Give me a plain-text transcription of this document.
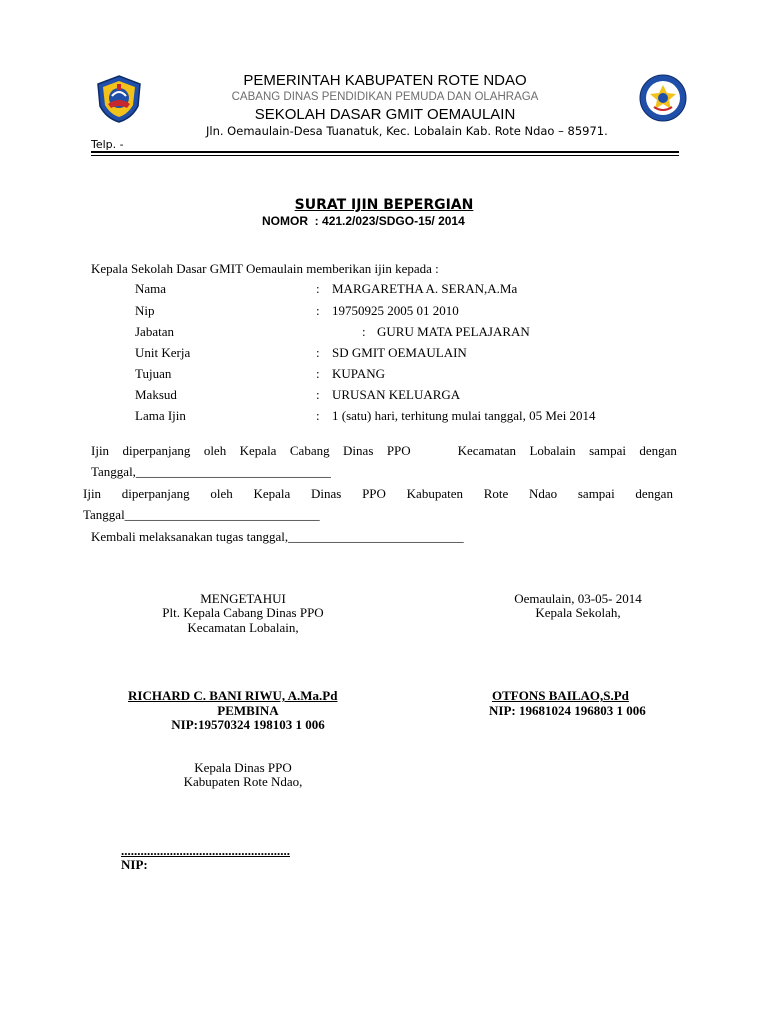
PEMERINTAH KABUPATEN ROTE NDAO
CABANG DINAS PENDIDIKAN PEMUDA DAN OLAHRAGA
SEKOLAH DASAR GMIT OEMAULAIN
Jln. Oemaulain-Desa Tuanatuk, Kec. Lobalain Kab. Rote Ndao – 85971.
Telp. -
SURAT IJIN BEPERGIAN
NOMOR : 421.2/023/SDGO-15/ 2014
Kepala Sekolah Dasar GMIT Oemaulain memberikan ijin kepada :
Nama	: MARGARETHA A. SERAN,A.Ma
Nip	: 19750925 2005 01 2010
Jabatan	: GURU MATA PELAJARAN
Unit Kerja	: SD GMIT OEMAULAIN
Tujuan	: KUPANG
Maksud	: URUSAN KELUARGA
Lama Ijin	: 1 (satu) hari, terhitung mulai tanggal, 05 Mei 2014
Ijin diperpanjang oleh Kepala Cabang Dinas PPO	Kecamatan Lobalain sampai dengan
Tanggal,______________________________
Ijin diperpanjang oleh Kepala Dinas PPO Kabupaten Rote Ndao sampai dengan
Tanggal______________________________
Kembali melaksanakan tugas tanggal,___________________________
MENGETAHUI
Plt. Kepala Cabang Dinas PPO
Kecamatan Lobalain,
Oemaulain, 03-05- 2014
Kepala Sekolah,
RICHARD C. BANI RIWU, A.Ma.Pd
PEMBINA
NIP:19570324 198103 1 006
OTFONS BAILAO,S.Pd
NIP: 19681024 196803 1 006
Kepala Dinas PPO
Kabupaten Rote Ndao,
....................................................
NIP:
